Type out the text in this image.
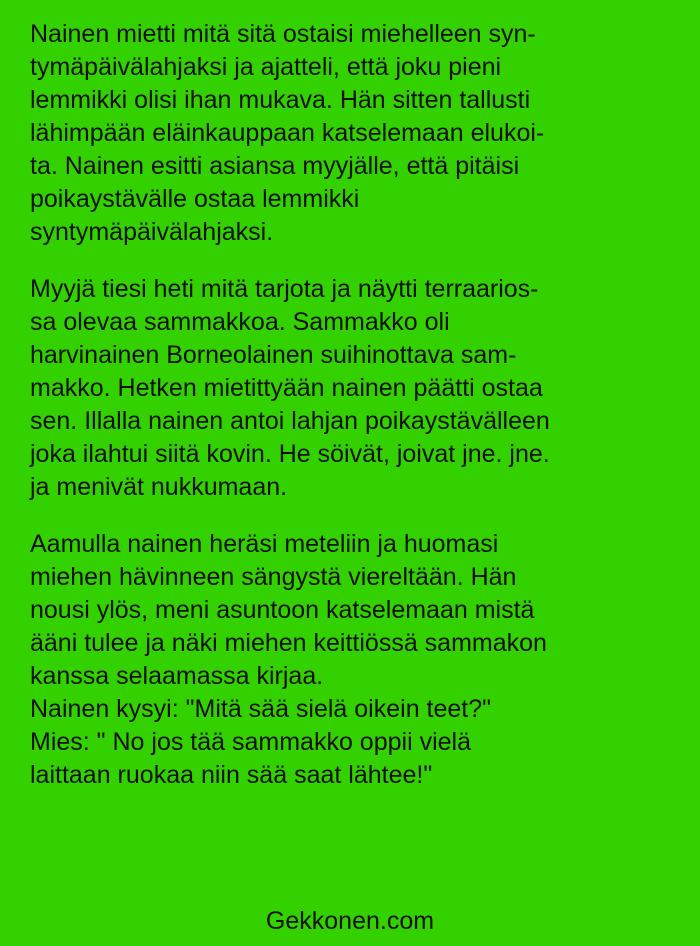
Nainen mietti mitä sitä ostaisi miehelleen syn-
tymäpäivälahjaksi ja ajatteli, että joku pieni
lemmikki olisi ihan mukava. Hän sitten tallusti
lähimpään eläinkauppaan katselemaan elukoi-
ta. Nainen esitti asiansa myyjälle, että pitäisi
poikaystävälle ostaa lemmikki
syntymäpäivälahjaksi.

Myyjä tiesi heti mitä tarjota ja näytti terraarios-
sa olevaa sammakkoa. Sammakko oli
harvinainen Borneolainen suihinottava sam-
makko. Hetken mietittyään nainen päätti ostaa
sen. Illalla nainen antoi lahjan poikaystävälleen
joka ilahtui siitä kovin. He söivät, joivat jne. jne.
ja menivät nukkumaan.

Aamulla nainen heräsi meteliin ja huomasi
miehen hävinneen sängystä viereltään. Hän
nousi ylös, meni asuntoon katselemaan mistä
ääni tulee ja näki miehen keittiössä sammakon
kanssa selaamassa kirjaa.
Nainen kysyi: "Mitä sää sielä oikein teet?"
Mies: " No jos tää sammakko oppii vielä
laittaan ruokaa niin sää saat lähtee!"

Gekkonen.com
